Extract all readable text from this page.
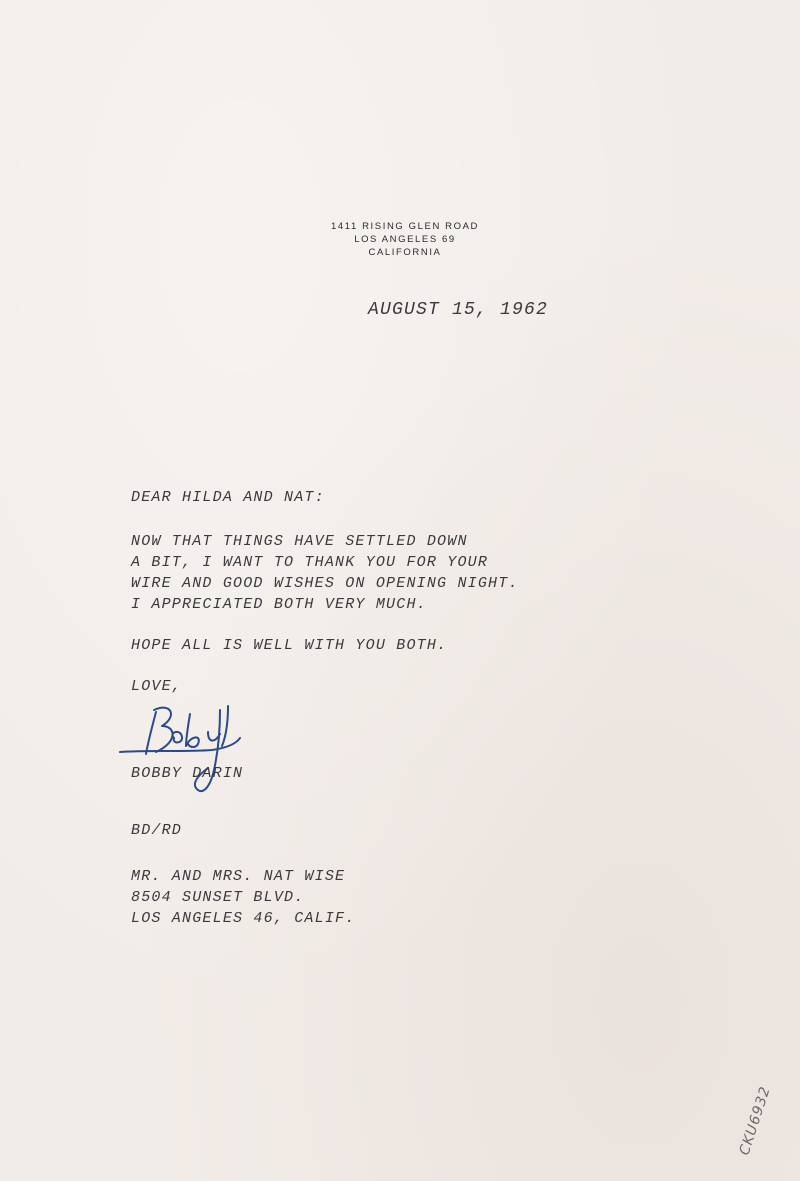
1411 RISING GLEN ROAD
LOS ANGELES 69
CALIFORNIA
AUGUST 15, 1962
DEAR HILDA AND NAT:
NOW THAT THINGS HAVE SETTLED DOWN
A BIT, I WANT TO THANK YOU FOR YOUR
WIRE AND GOOD WISHES ON OPENING NIGHT.
I APPRECIATED BOTH VERY MUCH.
HOPE ALL IS WELL WITH YOU BOTH.
LOVE,
BOBBY DARIN
BD/RD
MR. AND MRS. NAT WISE
8504 SUNSET BLVD.
LOS ANGELES 46, CALIF.
CKU6932
